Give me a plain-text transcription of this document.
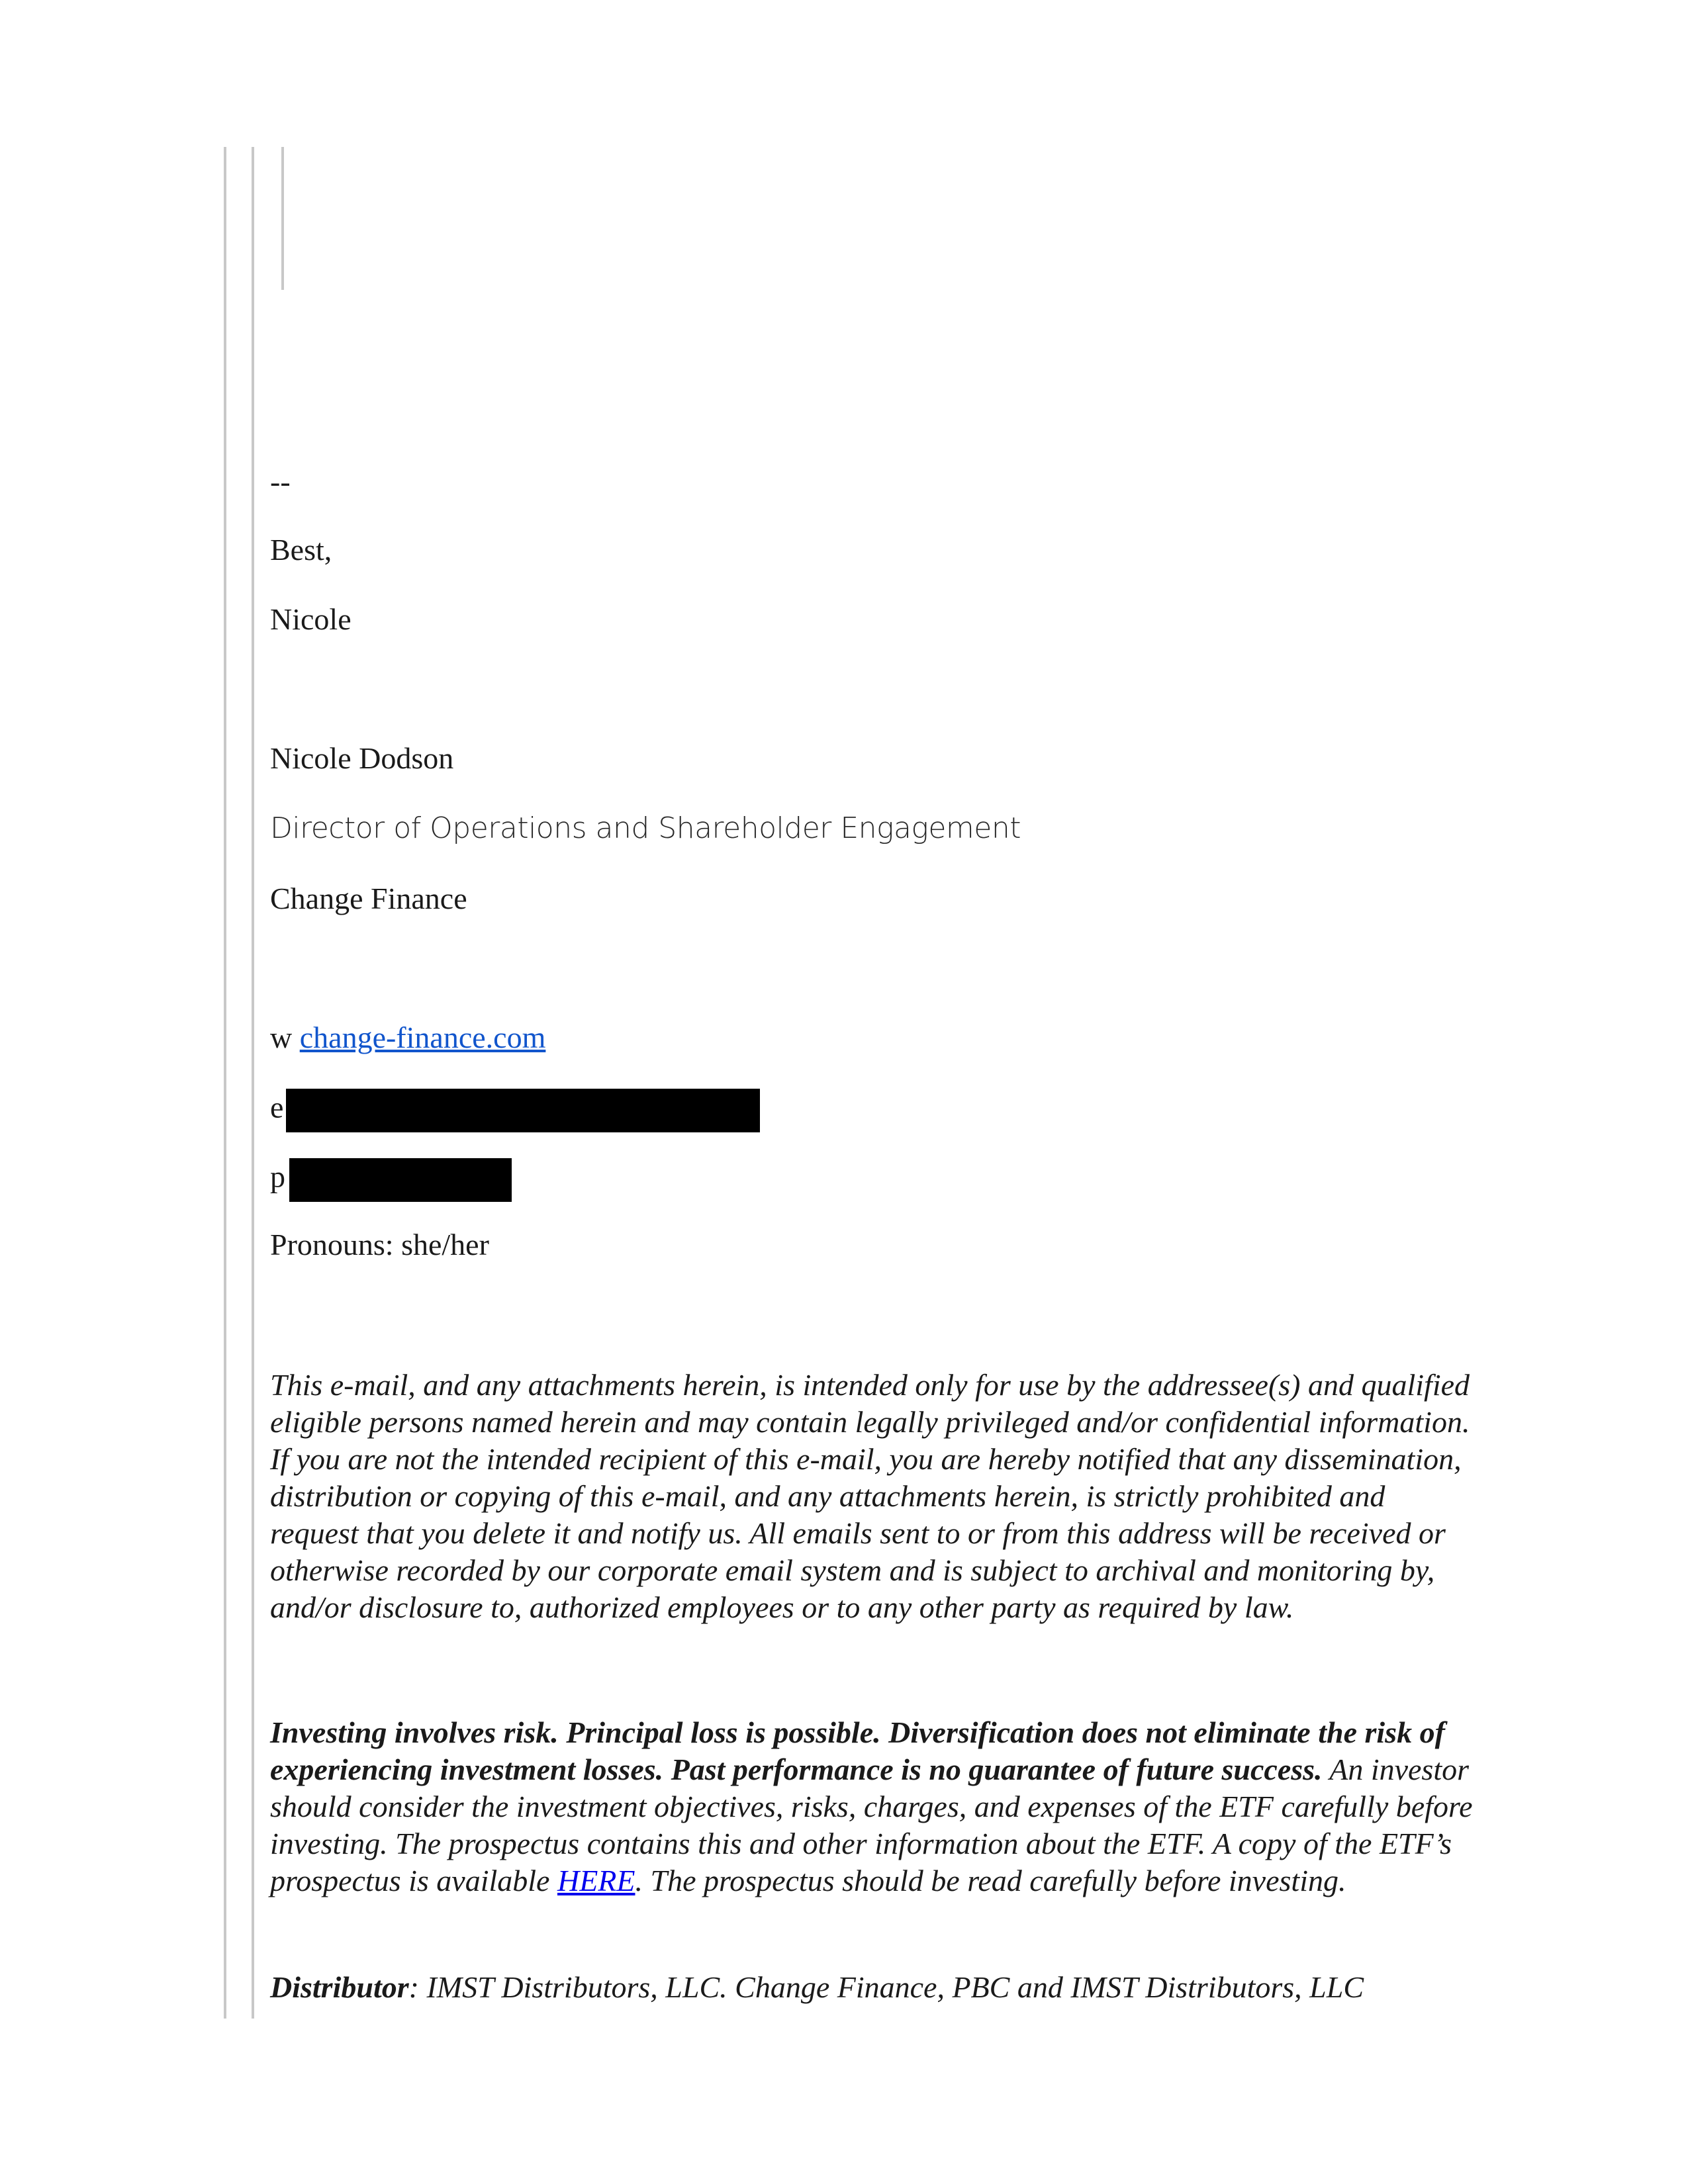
--
Best,
Nicole
Nicole Dodson
Director of Operations and Shareholder Engagement
Change Finance
w change-finance.com
e
p
Pronouns: she/her
This e-mail, and any attachments herein, is intended only for use by the addressee(s) and qualified eligible persons named herein and may contain legally privileged and/or confidential information. If you are not the intended recipient of this e-mail, you are hereby notified that any dissemination, distribution or copying of this e-mail, and any attachments herein, is strictly prohibited and request that you delete it and notify us. All emails sent to or from this address will be received or otherwise recorded by our corporate email system and is subject to archival and monitoring by, and/or disclosure to, authorized employees or to any other party as required by law.
Investing involves risk. Principal loss is possible. Diversification does not eliminate the risk of experiencing investment losses. Past performance is no guarantee of future success. An investor should consider the investment objectives, risks, charges, and expenses of the ETF carefully before investing. The prospectus contains this and other information about the ETF. A copy of the ETF’s prospectus is available HERE. The prospectus should be read carefully before investing.
Distributor: IMST Distributors, LLC. Change Finance, PBC and IMST Distributors, LLC
